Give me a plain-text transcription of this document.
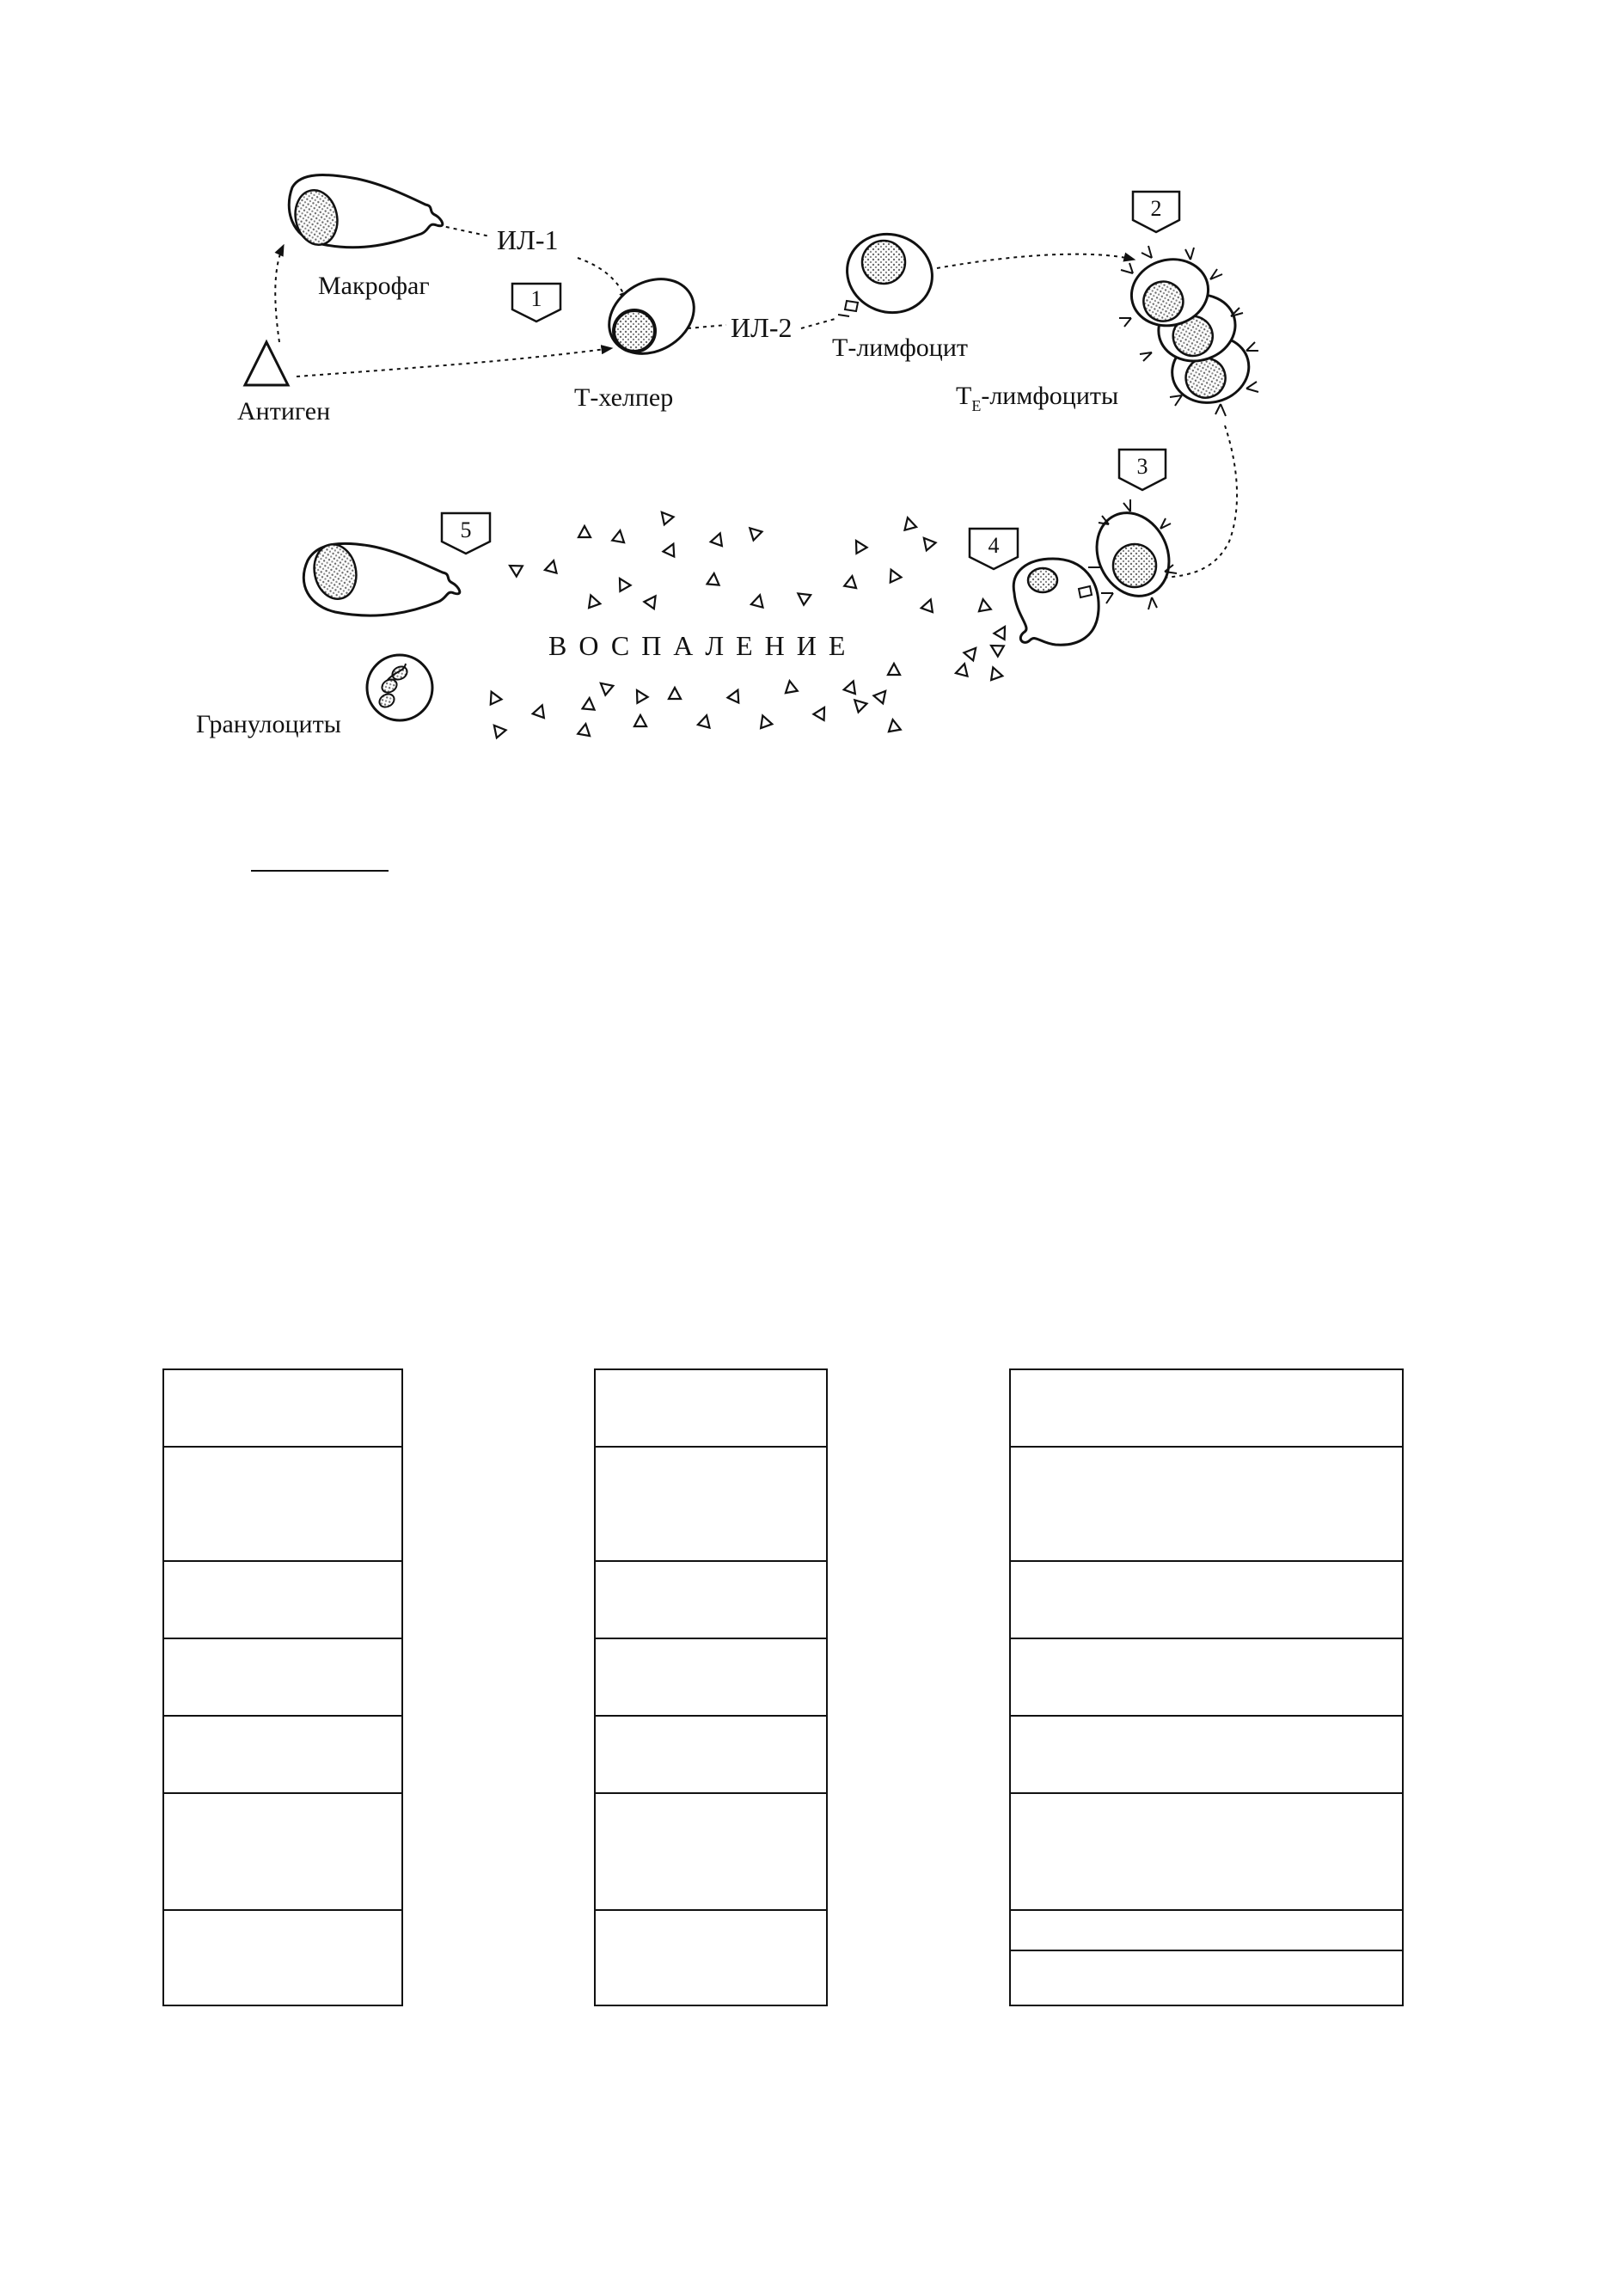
Макрофаг
ИЛ-1
1
Антиген	Т-хелпер
ИЛ-2
Т-лимфоцит
2
$Т_Е$-лимфоциты
3
4
5
Гранулоциты
ВОСПАЛЕНИЕ
